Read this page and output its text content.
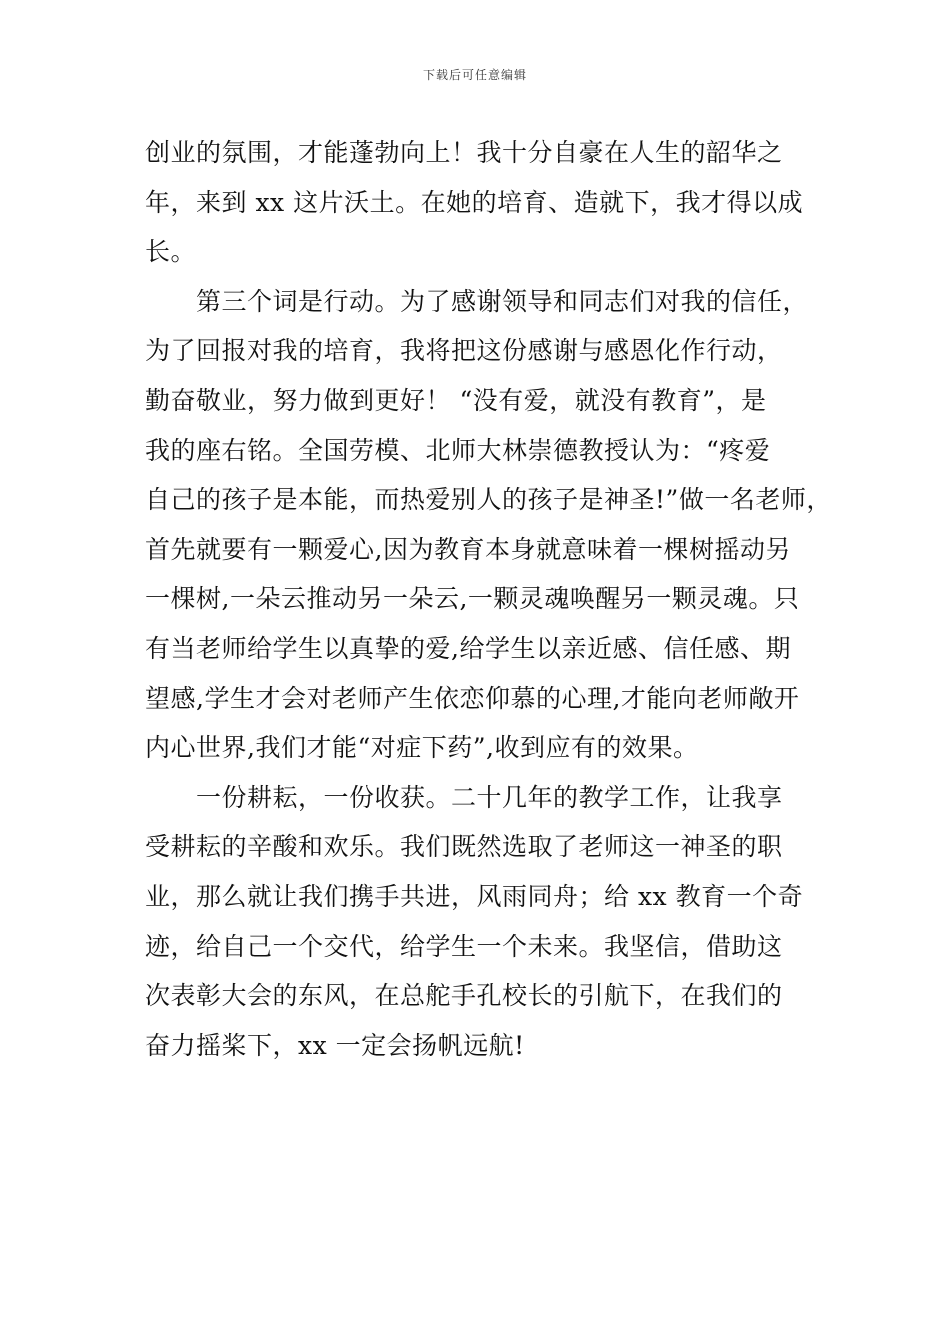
下载后可任意编辑
创业的氛围，才能蓬勃向上！我十分自豪在人生的韶华之
年，来到 xx 这片沃土。在她的培育、造就下，我才得以成
长。
第三个词是行动。为了感谢领导和同志们对我的信任，
为了回报对我的培育，我将把这份感谢与感恩化作行动，
勤奋敬业，努力做到更好！ “没有爱，就没有教育”，是
我的座右铭。全国劳模、北师大林崇德教授认为：“疼爱
自己的孩子是本能，而热爱别人的孩子是神圣!”做一名老师，
首先就要有一颗爱心,因为教育本身就意味着一棵树摇动另
一棵树,一朵云推动另一朵云,一颗灵魂唤醒另一颗灵魂。只
有当老师给学生以真挚的爱,给学生以亲近感、信任感、期
望感,学生才会对老师产生依恋仰慕的心理,才能向老师敞开
内心世界,我们才能“对症下药”,收到应有的效果。
一份耕耘，一份收获。二十几年的教学工作，让我享
受耕耘的辛酸和欢乐。我们既然选取了老师这一神圣的职
业，那么就让我们携手共进，风雨同舟；给 xx 教育一个奇
迹，给自己一个交代，给学生一个未来。我坚信，借助这
次表彰大会的东风，在总舵手孔校长的引航下，在我们的
奋力摇桨下，xx 一定会扬帆远航!
